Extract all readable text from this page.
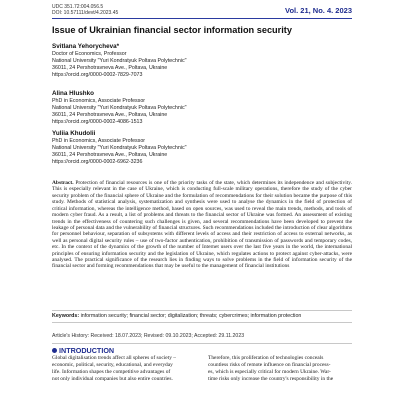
UDC 351.72:004.056.5
DOI: 10.57111/devt/4.2023.45	Vol. 21, No. 4. 2023
Issue of Ukrainian financial sector information security
Svitlana Yehorycheva*
Doctor of Economics, Professor
National University "Yuri Kondratyuk Poltava Polytechnic"
36011, 24 Pershotravneva Ave., Poltava, Ukraine
https://orcid.org/0000-0002-7829-7073
Alina Hlushko
PhD in Economics, Associate Professor
National University "Yuri Kondratyuk Poltava Polytechnic"
36011, 24 Pershotravneva Ave., Poltava, Ukraine
https://orcid.org/0000-0002-4086-1513
Yuliia Khudolii
PhD in Economics, Associate Professor
National University "Yuri Kondratyuk Poltava Polytechnic"
36011, 24 Pershotravneva Ave., Poltava, Ukraine
https://orcid.org/0000-0002-6962-3236
Abstract. Protection of financial resources is one of the priority tasks of the state, which determines its independence and subjectivity. This is especially relevant in the case of Ukraine, which is conducting full-scale military operations, therefore the study of the cyber security problem of the financial sphere of Ukraine and the formulation of recommendations for their solution became the purpose of this study. Methods of statistical analysis, systematization and synthesis were used to analyse the dynamics in the field of protection of critical information, whereas the intelligence method, based on open sources, was used to reveal the main trends, methods, and tools of modern cyber fraud. As a result, a list of problems and threats to the financial sector of Ukraine was formed. An assessment of existing trends in the effectiveness of countering such challenges is given, and several recommendations have been developed to prevent the leakage of personal data and the vulnerability of financial structures. Such recommendations included the introduction of clear algorithms for personnel behaviour, separation of subsystems with different levels of access and their restriction of access to external networks, as well as personal digital security rules – use of two-factor authentication, prohibition of transmission of passwords and temporary codes, etc. In the context of the dynamics of the growth of the number of Internet users over the last five years in the world, the international principles of ensuring information security and the legislation of Ukraine, which regulates actions to protect against cyber-attacks, were analysed. The practical significance of the research lies in finding ways to solve problems in the field of information security of the financial sector and forming recommendations that may be useful to the management of financial institutions
Keywords: information security; financial sector; digitalization; threats; cybercrimes; information protection
Article's History: Received: 18.07.2023; Revised: 09.10.2023; Accepted: 29.11.2023
INTRODUCTION
Global digitalisation trends affect all spheres of society –
economic, political, security, educational, and everyday
life. Information shapes the competitive advantages of
not only individual companies but also entire countries.
Therefore, this proliferation of technologies conceals
countless risks of remote influence on financial process-
es, which is especially critical for modern Ukraine. War-
time risks only increase the country's responsibility in the
